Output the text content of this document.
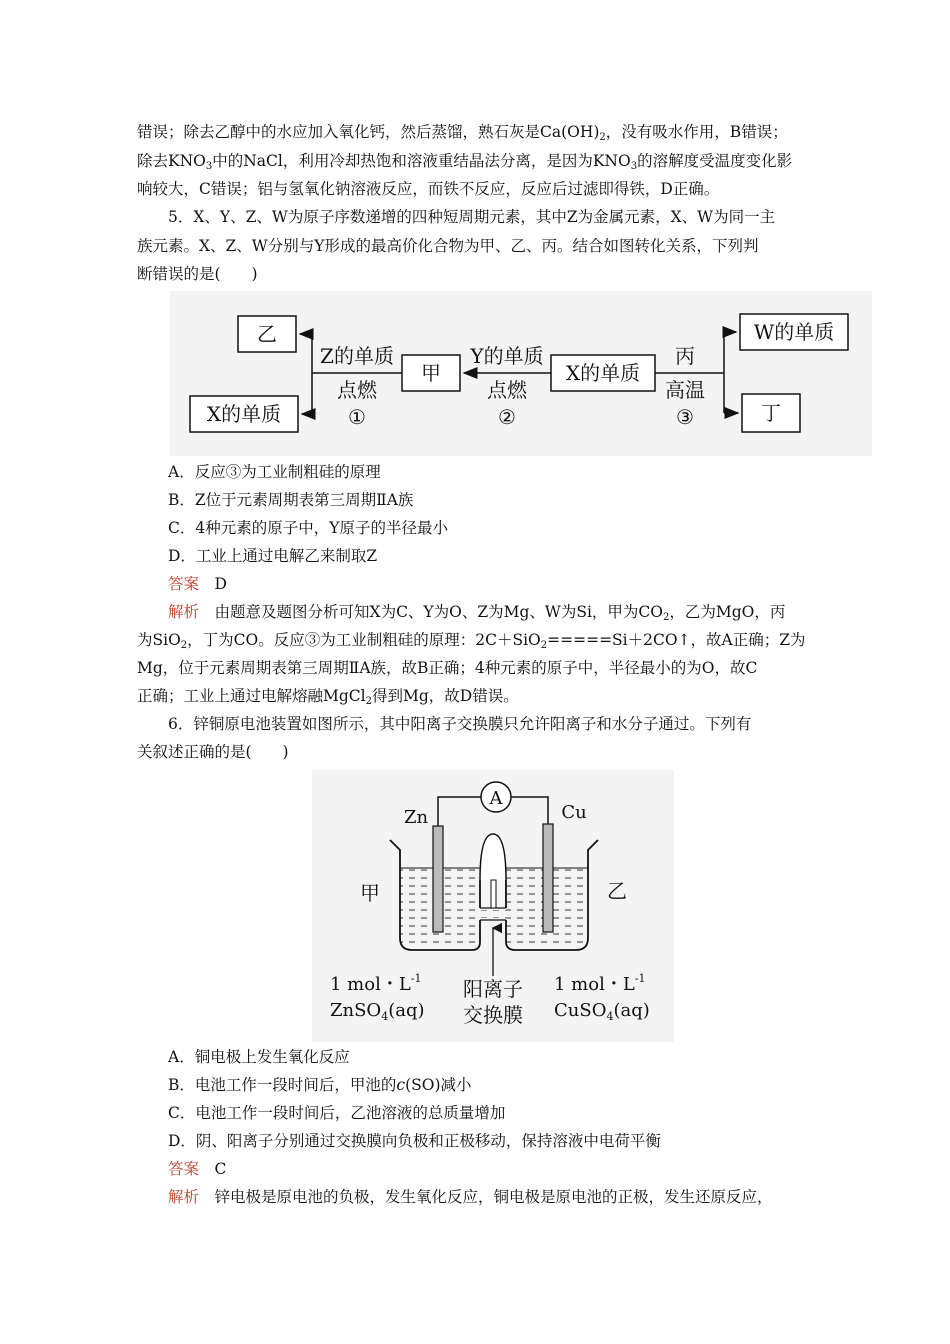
错误；除去乙醇中的水应加入氧化钙，然后蒸馏，熟石灰是$Ca(OH)_2$，没有吸水作用，B错误；
除去$KNO_3$中的NaCl，利用冷却热饱和溶液重结晶法分离，是因为$KNO_3$的溶解度受温度变化影
响较大，C错误；铝与氢氧化钠溶液反应，而铁不反应，反应后过滤即得铁，D正确。
5．X、Y、Z、W为原子序数递增的四种短周期元素，其中Z为金属元素，X、W为同一主
族元素。X、Z、W分别与Y形成的最高价化合物为甲、乙、丙。结合如图转化关系，下列判
断错误的是(　　)
乙
X的单质
甲	X的单质
W的单质
丁
Z的单质
点燃
①
Y的单质
点燃
②
丙
高温
③
A．反应③为工业制粗硅的原理
B．Z位于元素周期表第三周期ⅡA族
C．4种元素的原子中，Y原子的半径最小
D．工业上通过电解乙来制取Z
答案　 D
解析　 由题意及题图分析可知X为C、Y为O、Z为Mg、W为Si，甲为$CO_2$，乙为MgO，丙
为SiO$_2$，丁为CO。反应③为工业制粗硅的原理：2C＋SiO$_2$=====Si＋2CO↑，故A正确；Z为
Mg，位于元素周期表第三周期ⅡA族，故B正确；4种元素的原子中，半径最小的为O，故C
正确；工业上通过电解熔融MgCl$_2$得到Mg，故D错误。
6．锌铜原电池装置如图所示，其中阳离子交换膜只允许阳离子和水分子通过。下列有
关叙述正确的是(　　)
A
Zn	Cu
甲	乙
1 mol・$L^{-1}$
ZnSO$_4$(aq)
阳离子
交换膜
1 mol・$L^{-1}$
CuSO$_4$(aq)
A．铜电极上发生氧化反应
B．电池工作一段时间后，甲池的c(SO)减小
C．电池工作一段时间后，乙池溶液的总质量增加
D．阴、阳离子分别通过交换膜向负极和正极移动，保持溶液中电荷平衡
答案　 C
解析　 锌电极是原电池的负极，发生氧化反应，铜电极是原电池的正极，发生还原反应，
